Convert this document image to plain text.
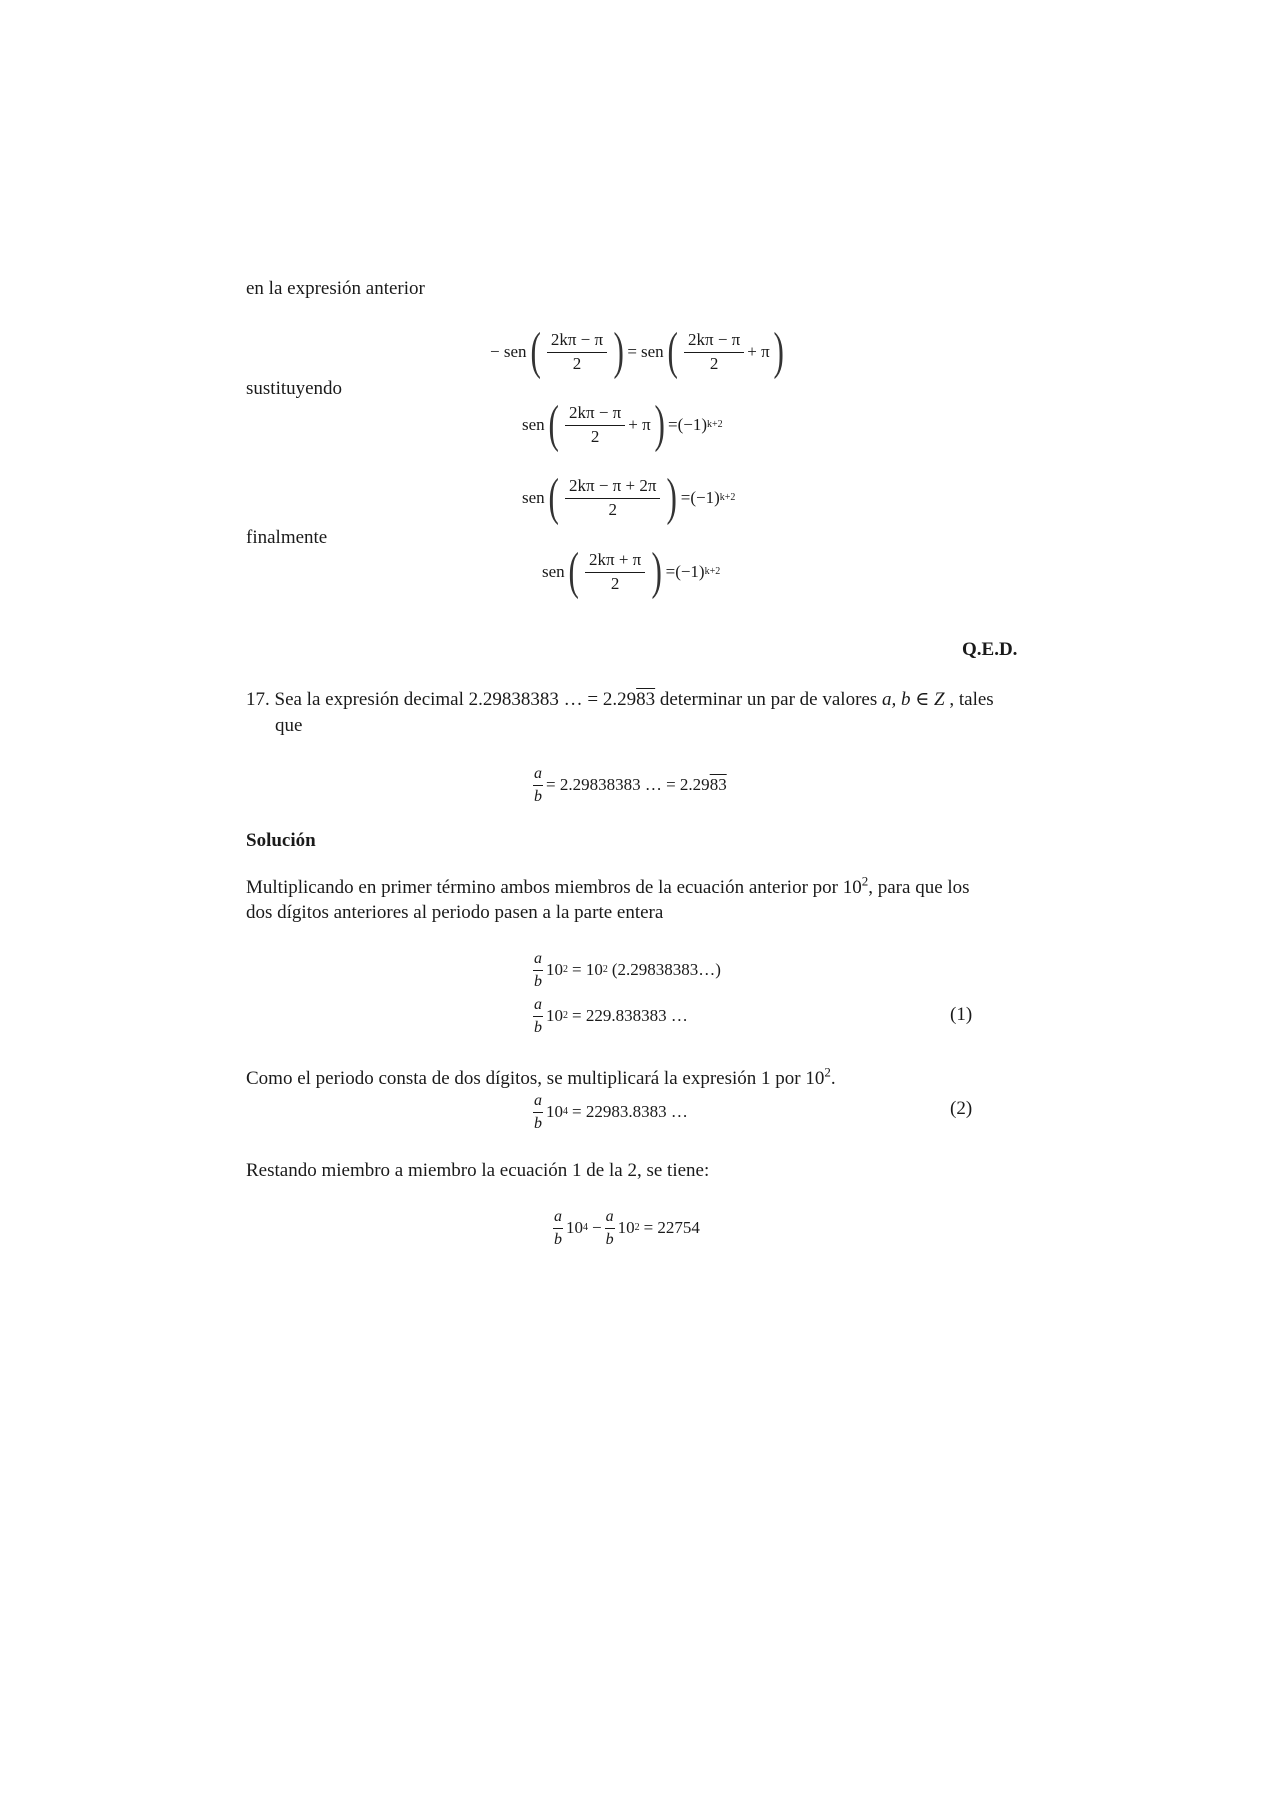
en la expresión anterior
− sen ( $\frac{2k\pi - \pi}{2}$ ) = sen ( $\frac{2k\pi - \pi}{2} + \pi$ )
sustituyendo
sen ( $\frac{2k\pi - \pi}{2} + \pi$ ) = (−1) k+2
sen ( $\frac{2k\pi - \pi + 2\pi}{2}$ ) = (−1) k+2
finalmente
sen ( $\frac{2k\pi + \pi}{2}$ ) = (−1) k+2
Q.E.D.
17. Sea la expresión decimal 2.29838383 … = 2.2983 determinar un par de valores a, b ∈ Z , tales
que
$\frac{a}{b} = 2.29838383$ … = 2.29 83
Solución
Multiplicando en primer término ambos miembros de la ecuación anterior por $10^2$, para que los
dos dígitos anteriores al periodo pasen a la parte entera
$\frac{a}{b} 10$ 2 = 10 2 (2.29838383…)
$\frac{a}{b} 10$ 2 = 229.838383 …	(1)
Como el periodo consta de dos dígitos, se multiplicará la expresión 1 por $10^2$.
$\frac{a}{b} 10$ 4 = 22983.8383 …	(2)
Restando miembro a miembro la ecuación 1 de la 2, se tiene:
$\frac{a}{b} 10$ $4 - \frac{a}{b} 10$ 2 = 22754
